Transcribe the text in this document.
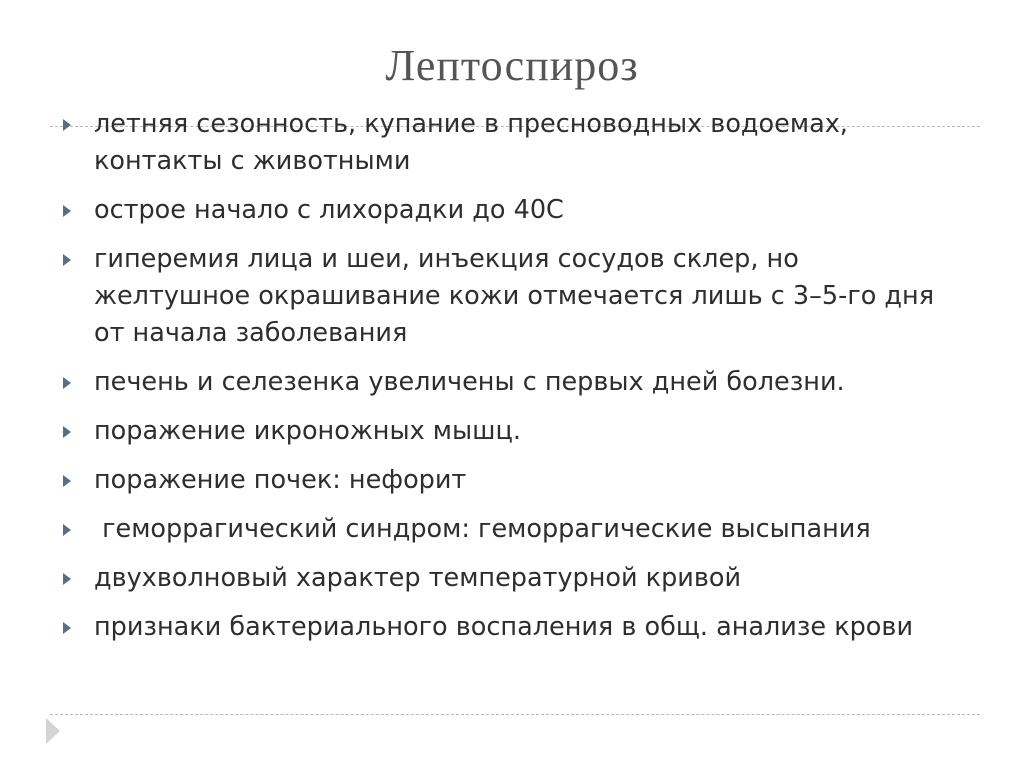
Лептоспироз
летняя сезонность, купание в пресноводных водоемах, контакты с животными
острое начало с лихорадки до 40С
гиперемия лица и шеи, инъекция сосудов склер, но желтушное окрашивание кожи отмечается лишь с 3–5-го дня от начала заболевания
печень и селезенка увеличены с первых дней болезни.
поражение икроножных мышц.
поражение почек: нефорит
геморрагический синдром: геморрагические высыпания
двухволновый характер температурной кривой
признаки бактериального воспаления в общ. анализе крови
